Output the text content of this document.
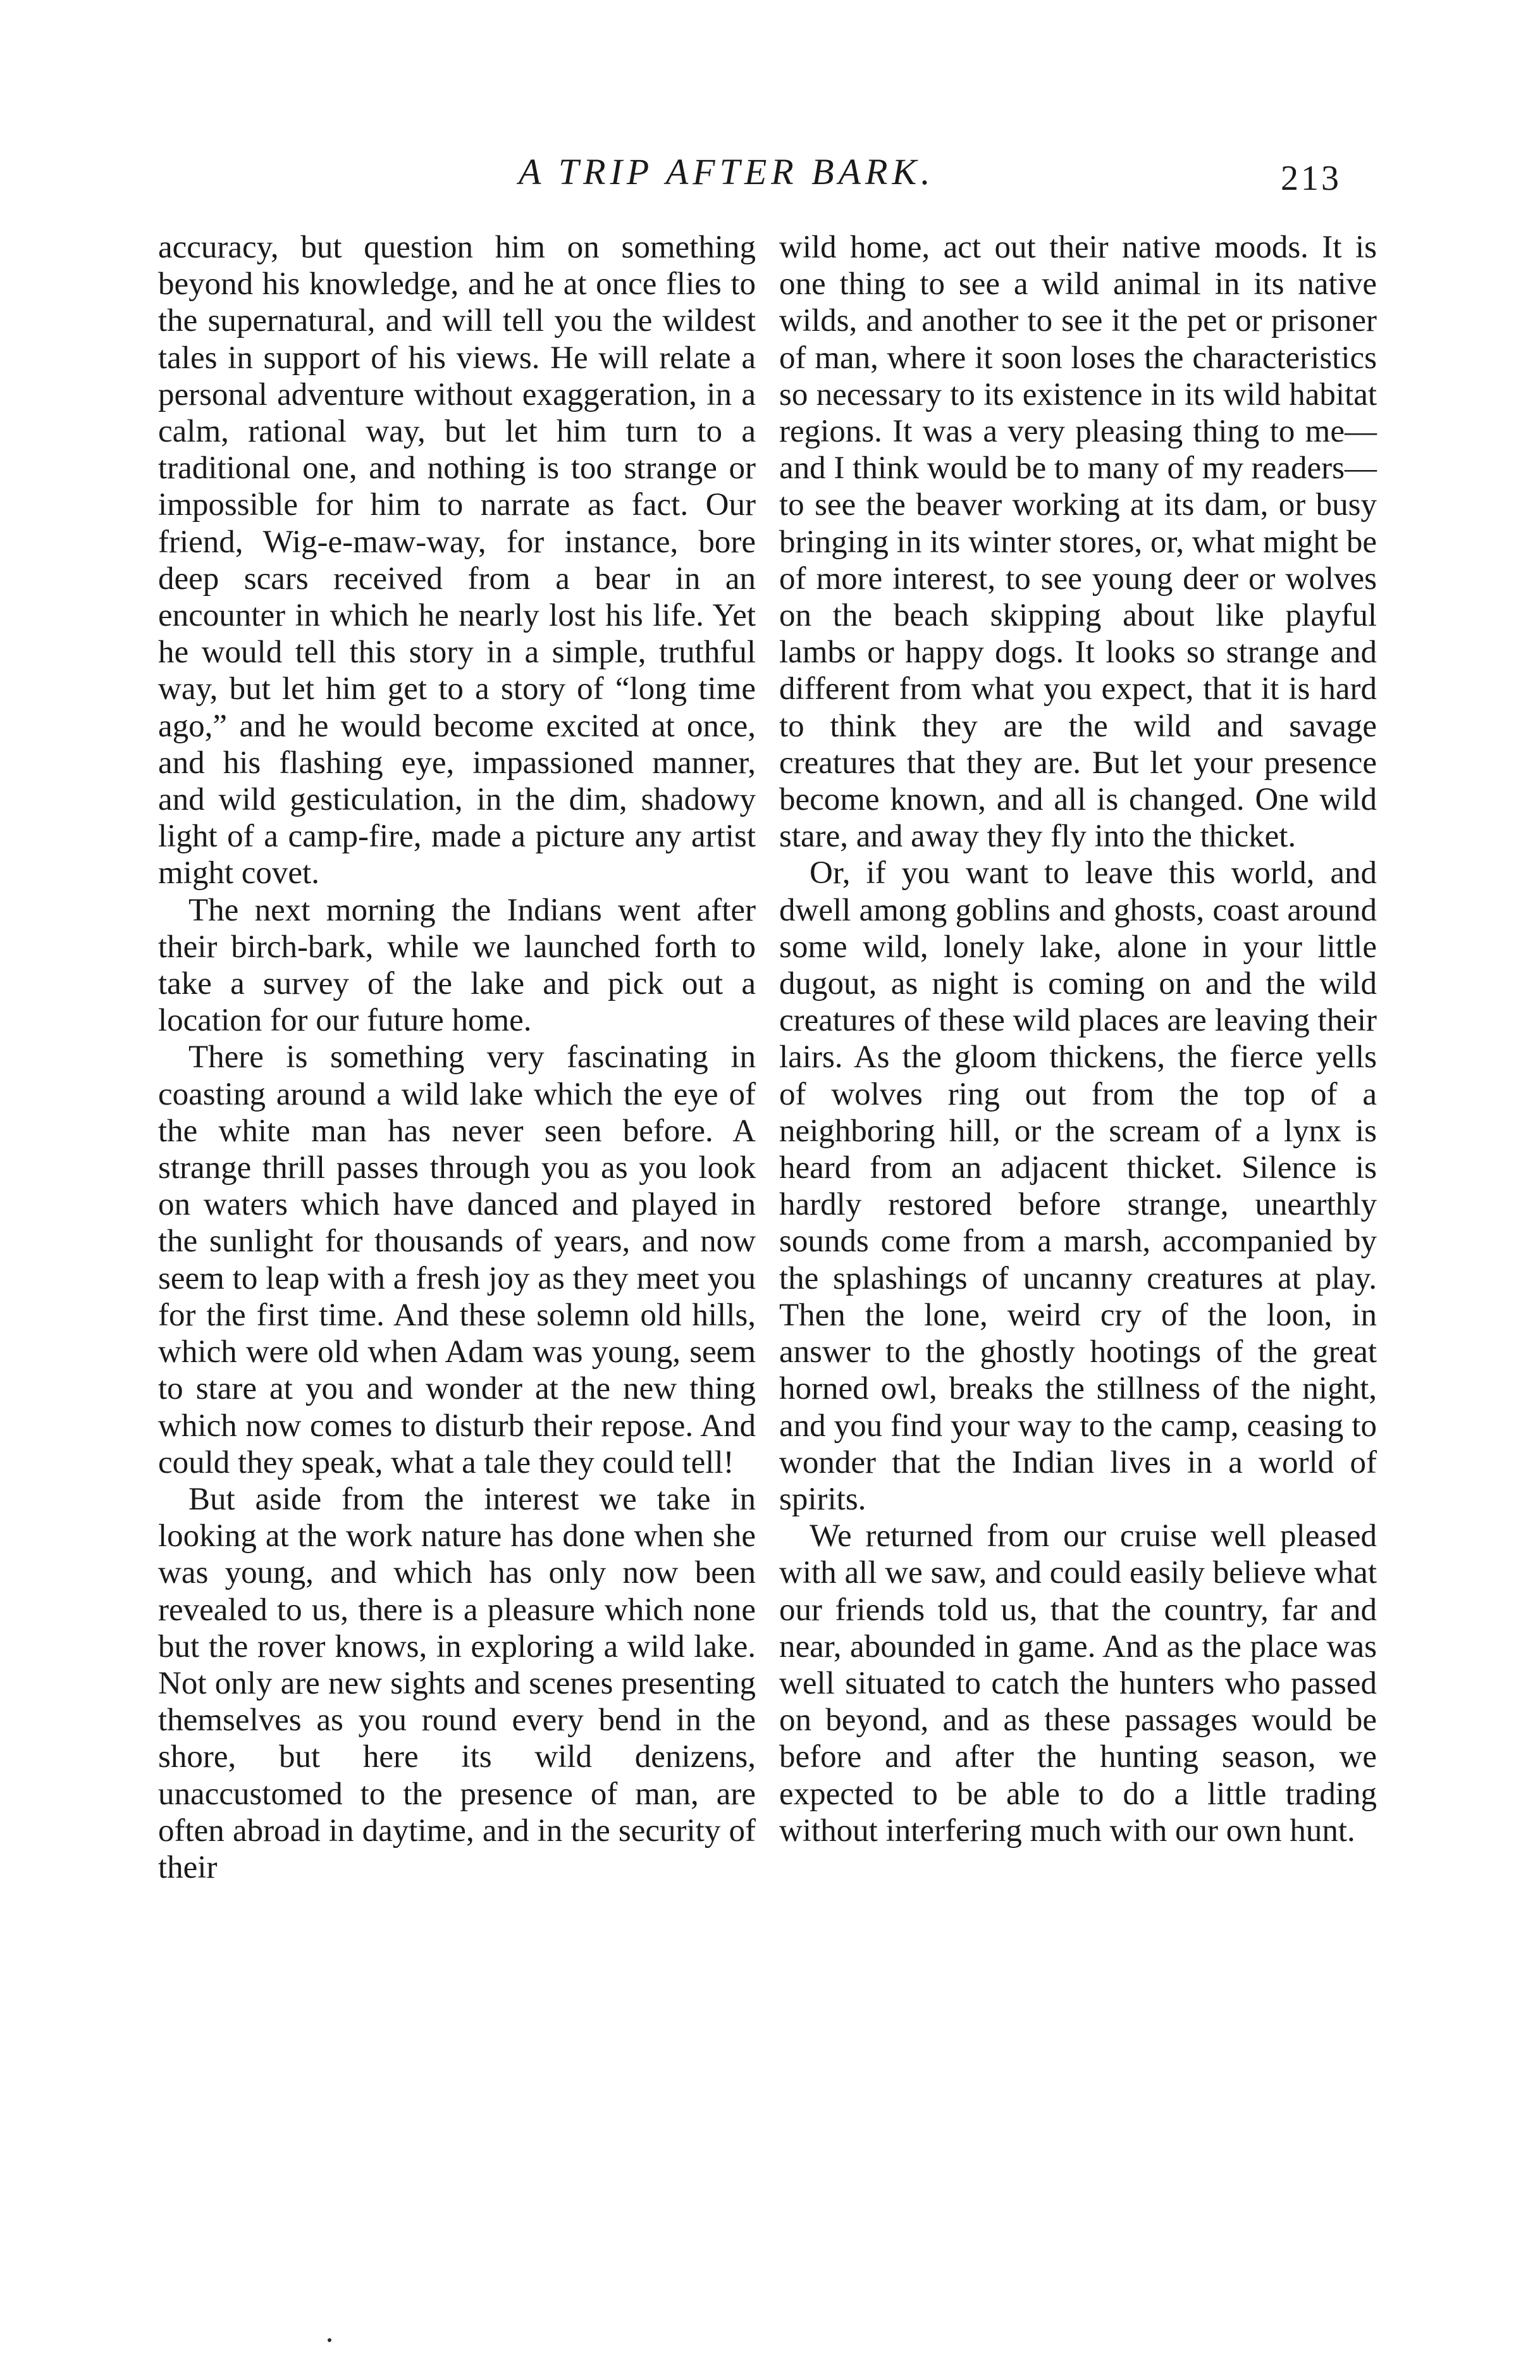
A TRIP AFTER BARK.	213

accuracy, but question him on something beyond his knowledge, and he at once flies to the supernatural, and will tell you the wildest tales in support of his views. He will relate a personal adventure without exaggeration, in a calm, rational way, but let him turn to a traditional one, and nothing is too strange or impossible for him to narrate as fact. Our friend, Wig-e-maw-way, for instance, bore deep scars received from a bear in an encounter in which he nearly lost his life. Yet he would tell this story in a simple, truthful way, but let him get to a story of “long time ago,” and he would become excited at once, and his flashing eye, impassioned manner, and wild gesticulation, in the dim, shadowy light of a camp-fire, made a picture any artist might covet.

The next morning the Indians went after their birch-bark, while we launched forth to take a survey of the lake and pick out a location for our future home.

There is something very fascinating in coasting around a wild lake which the eye of the white man has never seen before. A strange thrill passes through you as you look on waters which have danced and played in the sunlight for thousands of years, and now seem to leap with a fresh joy as they meet you for the first time. And these solemn old hills, which were old when Adam was young, seem to stare at you and wonder at the new thing which now comes to disturb their repose. And could they speak, what a tale they could tell!

But aside from the interest we take in looking at the work nature has done when she was young, and which has only now been revealed to us, there is a pleasure which none but the rover knows, in exploring a wild lake. Not only are new sights and scenes presenting themselves as you round every bend in the shore, but here its wild denizens, unaccustomed to the presence of man, are often abroad in daytime, and in the security of their

wild home, act out their native moods. It is one thing to see a wild animal in its native wilds, and another to see it the pet or prisoner of man, where it soon loses the characteristics so necessary to its existence in its wild habitat regions. It was a very pleasing thing to me—and I think would be to many of my readers—to see the beaver working at its dam, or busy bringing in its winter stores, or, what might be of more interest, to see young deer or wolves on the beach skipping about like playful lambs or happy dogs. It looks so strange and different from what you expect, that it is hard to think they are the wild and savage creatures that they are. But let your presence become known, and all is changed. One wild stare, and away they fly into the thicket.

Or, if you want to leave this world, and dwell among goblins and ghosts, coast around some wild, lonely lake, alone in your little dugout, as night is coming on and the wild creatures of these wild places are leaving their lairs. As the gloom thickens, the fierce yells of wolves ring out from the top of a neighboring hill, or the scream of a lynx is heard from an adjacent thicket. Silence is hardly restored before strange, unearthly sounds come from a marsh, accompanied by the splashings of uncanny creatures at play. Then the lone, weird cry of the loon, in answer to the ghostly hootings of the great horned owl, breaks the stillness of the night, and you find your way to the camp, ceasing to wonder that the Indian lives in a world of spirits.

We returned from our cruise well pleased with all we saw, and could easily believe what our friends told us, that the country, far and near, abounded in game. And as the place was well situated to catch the hunters who passed on beyond, and as these passages would be before and after the hunting season, we expected to be able to do a little trading without interfering much with our own hunt.
